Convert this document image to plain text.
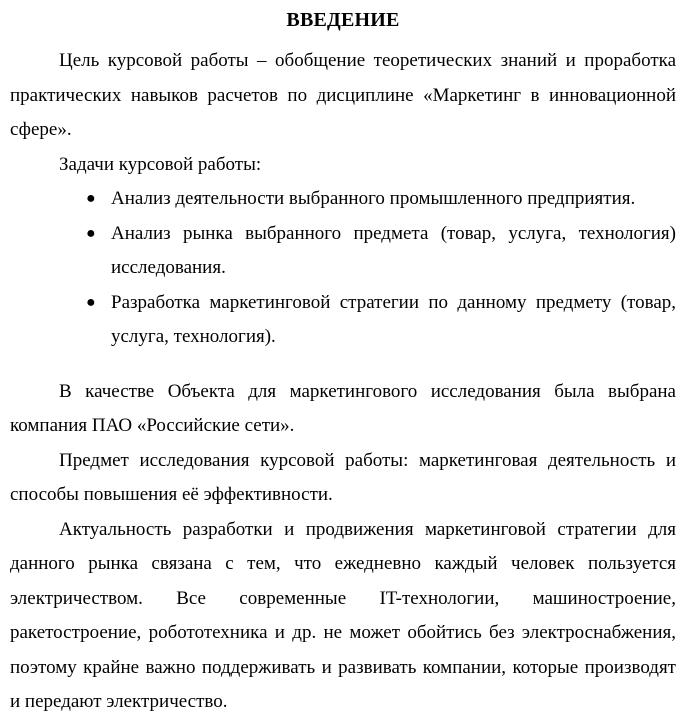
ВВЕДЕНИЕ

Цель курсовой работы – обобщение теоретических знаний и проработка практических навыков расчетов по дисциплине «Маркетинг в инновационной сфере».

Задачи курсовой работы:

● Анализ деятельности выбранного промышленного предприятия.
● Анализ рынка выбранного предмета (товар, услуга, технология) исследования.
● Разработка маркетинговой стратегии по данному предмету (товар, услуга, технология).

В качестве Объекта для маркетингового исследования была выбрана компания ПАО «Российские сети».

Предмет исследования курсовой работы: маркетинговая деятельность и способы повышения её эффективности.

Актуальность разработки и продвижения маркетинговой стратегии для данного рынка связана с тем, что ежедневно каждый человек пользуется электричеством. Все современные IT-технологии, машиностроение, ракетостроение, робототехника и др. не может обойтись без электроснабжения, поэтому крайне важно поддерживать и развивать компании, которые производят и передают электричество.
